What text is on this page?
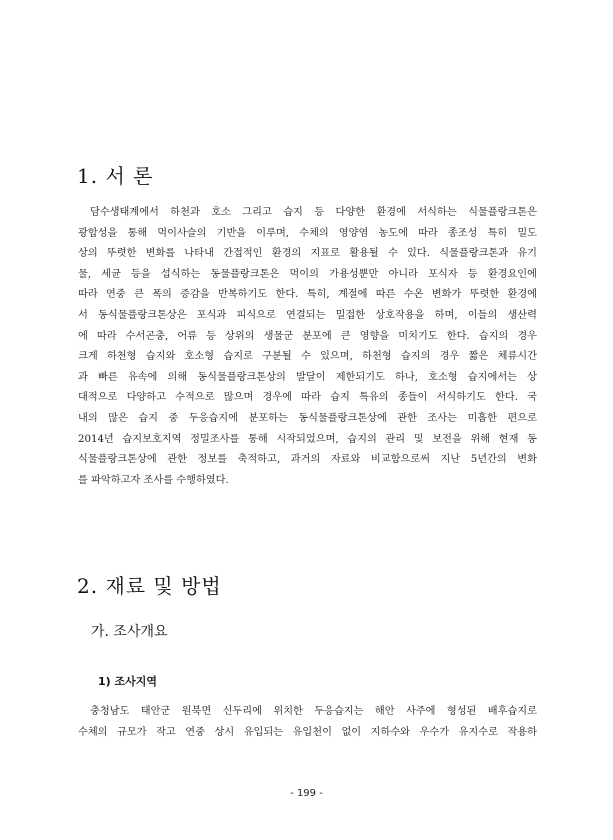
1. 서 론
담수생태계에서 하천과 호소 그리고 습지 등 다양한 환경에 서식하는 식물플랑크톤은
광합성을 통해 먹이사슬의 기반을 이루며, 수체의 영양염 농도에 따라 종조성 특히 밀도
상의 뚜렷한 변화를 나타내 간접적인 환경의 지표로 활용될 수 있다. 식물플랑크톤과 유기
물, 세균 등을 섭식하는 동물플랑크톤은 먹이의 가용성뿐만 아니라 포식자 등 환경요인에
따라 연중 큰 폭의 증감을 반복하기도 한다. 특히, 계절에 따른 수온 변화가 뚜렷한 환경에
서 동식물플랑크톤상은 포식과 피식으로 연결되는 밀접한 상호작용을 하며, 이들의 생산력
에 따라 수서곤충, 어류 등 상위의 생물군 분포에 큰 영향을 미치기도 한다. 습지의 경우
크게 하천형 습지와 호소형 습지로 구분될 수 있으며, 하천형 습지의 경우 짧은 체류시간
과 빠른 유속에 의해 동식물플랑크톤상의 발달이 제한되기도 하나, 호소형 습지에서는 상
대적으로 다양하고 수적으로 많으며 경우에 따라 습지 특유의 종들이 서식하기도 한다. 국
내의 많은 습지 중 두응습지에 분포하는 동식물플랑크톤상에 관한 조사는 미흡한 편으로
2014년 습지보호지역 정밀조사를 통해 시작되었으며, 습지의 관리 및 보전을 위해 현재 동
식물플랑크톤상에 관한 정보를 축적하고, 과거의 자료와 비교함으로써 지난 5년간의 변화
를 파악하고자 조사를 수행하였다.
2. 재료 및 방법
가. 조사개요
1) 조사지역
충청남도 태안군 원북면 신두리에 위치한 두응습지는 해안 사주에 형성된 배후습지로
수체의 규모가 작고 연중 상시 유입되는 유입천이 없이 지하수와 우수가 유지수로 작용하
- 199 -
